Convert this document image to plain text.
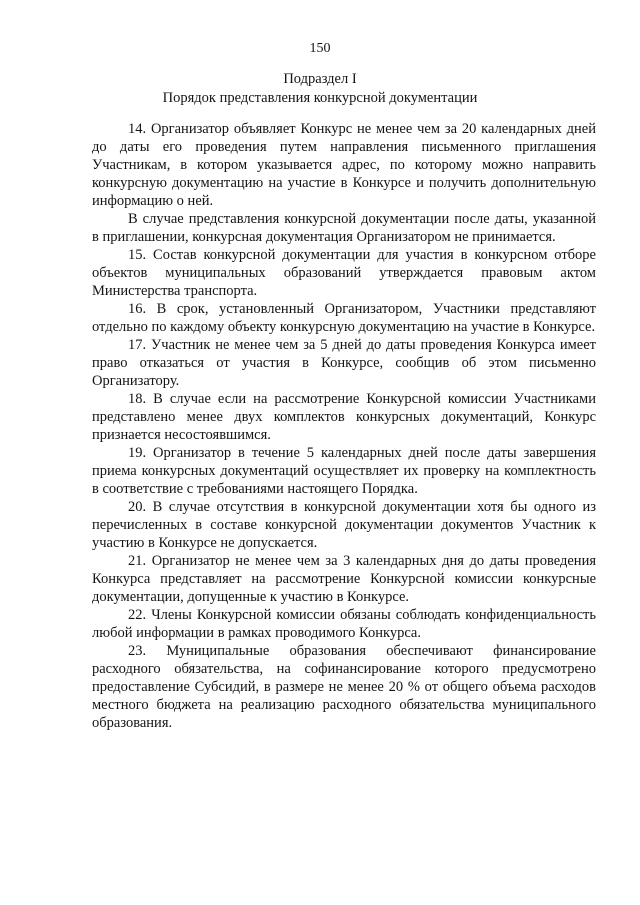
150
Подраздел I
Порядок представления конкурсной документации

14. Организатор объявляет Конкурс не менее чем за 20 календарных дней до даты его проведения путем направления письменного приглашения Участникам, в котором указывается адрес, по которому можно направить конкурсную документацию на участие в Конкурсе и получить дополнительную информацию о ней.

В случае представления конкурсной документации после даты, указанной в приглашении, конкурсная документация Организатором не принимается.

15. Состав конкурсной документации для участия в конкурсном отборе объектов муниципальных образований утверждается правовым актом Министерства транспорта.

16. В срок, установленный Организатором, Участники представляют отдельно по каждому объекту конкурсную документацию на участие в Конкурсе.

17. Участник не менее чем за 5 дней до даты проведения Конкурса имеет право отказаться от участия в Конкурсе, сообщив об этом письменно Организатору.

18. В случае если на рассмотрение Конкурсной комиссии Участниками представлено менее двух комплектов конкурсных документаций, Конкурс признается несостоявшимся.

19. Организатор в течение 5 календарных дней после даты завершения приема конкурсных документаций осуществляет их проверку на комплектность в соответствие с требованиями настоящего Порядка.

20. В случае отсутствия в конкурсной документации хотя бы одного из перечисленных в составе конкурсной документации документов Участник к участию в Конкурсе не допускается.

21. Организатор не менее чем за 3 календарных дня до даты проведения Конкурса представляет на рассмотрение Конкурсной комиссии конкурсные документации, допущенные к участию в Конкурсе.

22. Члены Конкурсной комиссии обязаны соблюдать конфиденциальность любой информации в рамках проводимого Конкурса.

23. Муниципальные образования обеспечивают финансирование расходного обязательства, на софинансирование которого предусмотрено предоставление Субсидий, в размере не менее 20 % от общего объема расходов местного бюджета на реализацию расходного обязательства муниципального образования.
